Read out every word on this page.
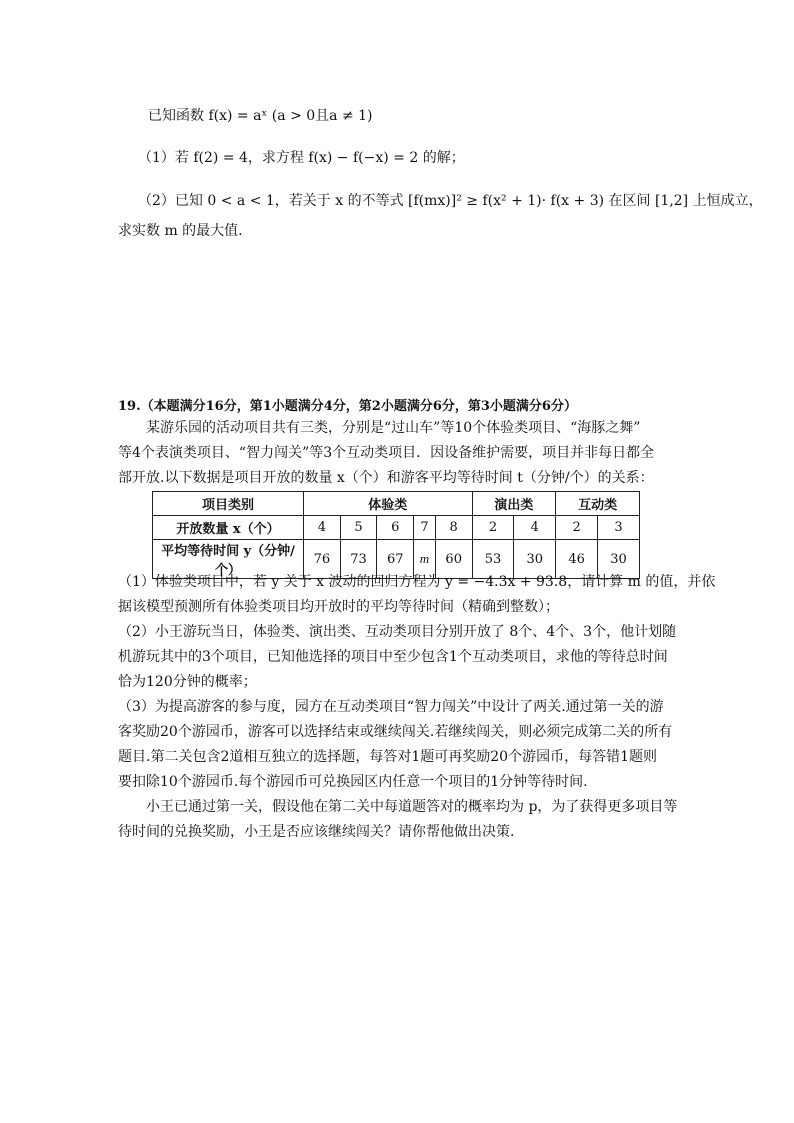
已知函数 f(x) = aˣ (a > 0且a ≠ 1)
（1）若 f(2) = 4，求方程 f(x) − f(−x) = 2 的解；
（2）已知 0 < a < 1，若关于 x 的不等式 [f(mx)]² ≥ f(x² + 1)· f(x + 3) 在区间 [1,2] 上恒成立，
求实数 m 的最大值.
19.（本题满分16分，第1小题满分4分，第2小题满分6分，第3小题满分6分）
某游乐园的活动项目共有三类，分别是“过山车”等10个体验类项目、“海豚之舞”
等4个表演类项目、“智力闯关”等3个互动类项目．因设备维护需要，项目并非每日都全
部开放.以下数据是项目开放的数量 x（个）和游客平均等待时间 t（分钟/个）的关系：
项目类别	体验类					演出类		互动类	
开放数量 x（个）	4	5	6	7	8	2	4	2	3
平均等待时间 y（分钟/个）	76	73	67	m	60	53	30	46	30
（1）体验类项目中，若 y 关于 x 波动的回归方程为 y = −4.3x + 93.8，请计算 m 的值，并依
据该模型预测所有体验类项目均开放时的平均等待时间（精确到整数）；
（2）小王游玩当日，体验类、演出类、互动类项目分别开放了 8个、4个、3个，他计划随
机游玩其中的3个项目，已知他选择的项目中至少包含1个互动类项目，求他的等待总时间
恰为120分钟的概率；
（3）为提高游客的参与度，园方在互动类项目“智力闯关”中设计了两关.通过第一关的游
客奖励20个游园币，游客可以选择结束或继续闯关.若继续闯关，则必须完成第二关的所有
题目.第二关包含2道相互独立的选择题，每答对1题可再奖励20个游园币，每答错1题则
要扣除10个游园币.每个游园币可兑换园区内任意一个项目的1分钟等待时间.
小王已通过第一关，假设他在第二关中每道题答对的概率均为 p，为了获得更多项目等
待时间的兑换奖励，小王是否应该继续闯关？请你帮他做出决策.
